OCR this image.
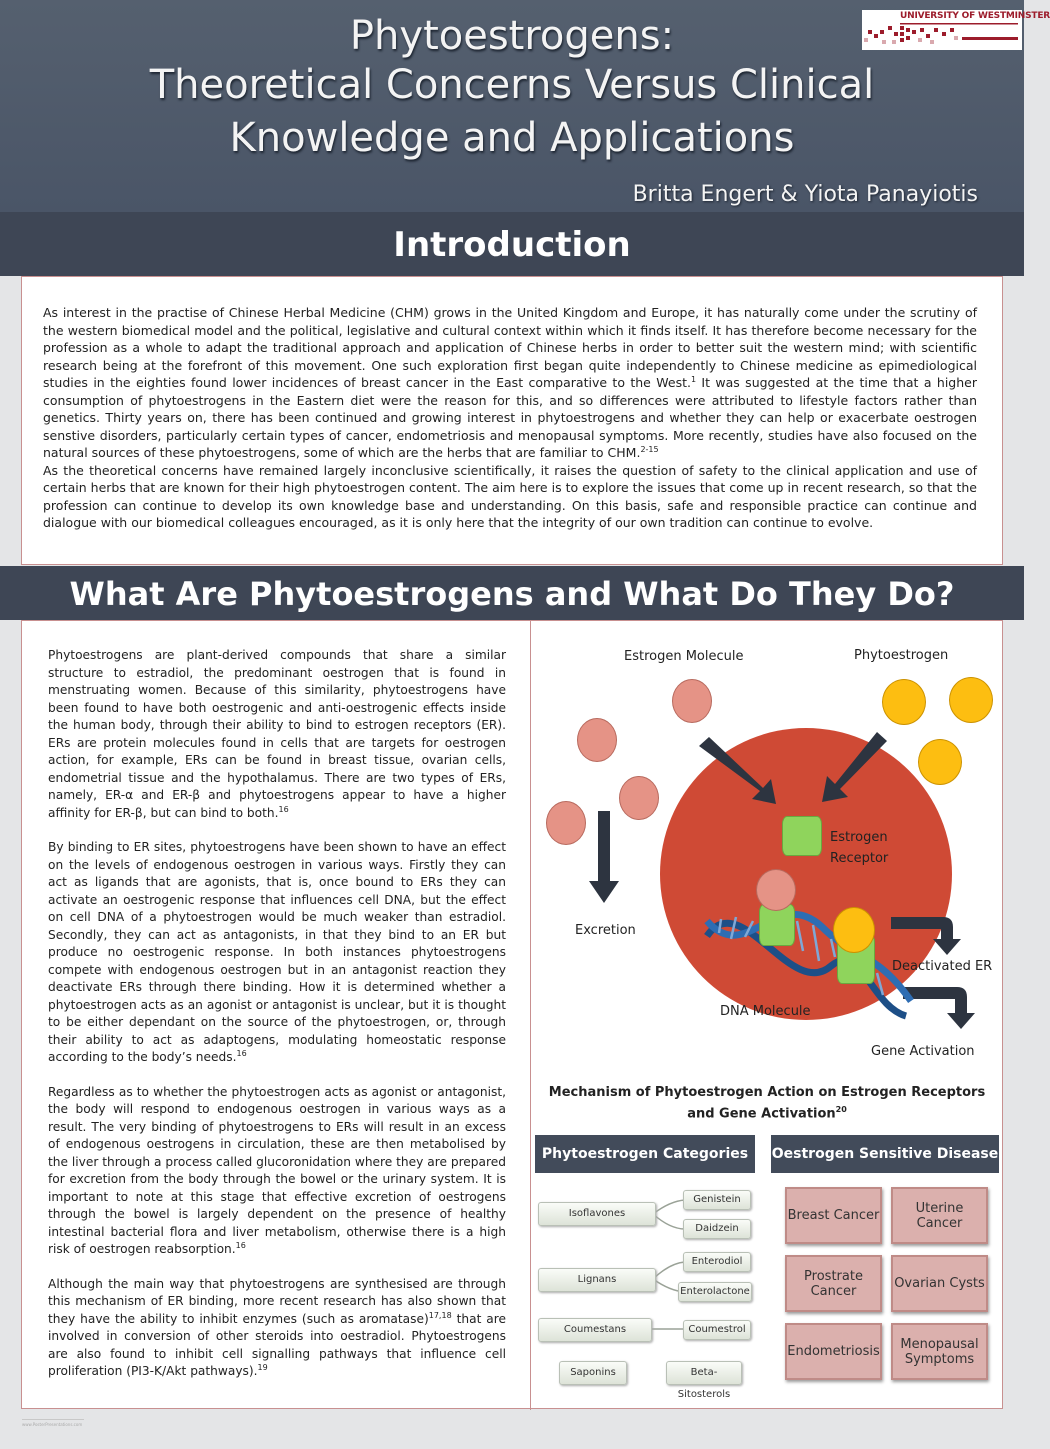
Phytoestrogens:
Theoretical Concerns Versus Clinical
Knowledge and Applications
Britta Engert & Yiota Panayiotis
UNIVERSITY OF WESTMINSTER
Introduction

As interest in the practise of Chinese Herbal Medicine (CHM) grows in the United Kingdom and Europe, it has naturally come under the scrutiny of the western biomedical model and the political, legislative and cultural context within which it finds itself. It has therefore become necessary for the profession as a whole to adapt the traditional approach and application of Chinese herbs in order to better suit the western mind; with scientific research being at the forefront of this movement. One such exploration first began quite independently to Chinese medicine as epimediological studies in the eighties found lower incidences of breast cancer in the East comparative to the West.$^1$ It was suggested at the time that a higher consumption of phytoestrogens in the Eastern diet were the reason for this, and so differences were attributed to lifestyle factors rather than genetics. Thirty years on, there has been continued and growing interest in phytoestrogens and whether they can help or exacerbate oestrogen senstive disorders, particularly certain types of cancer, endometriosis and menopausal symptoms. More recently, studies have also focused on the natural sources of these phytoestrogens, some of which are the herbs that are familiar to CHM.$^{2-15}$

As the theoretical concerns have remained largely inconclusive scientifically, it raises the question of safety to the clinical application and use of certain herbs that are known for their high phytoestrogen content. The aim here is to explore the issues that come up in recent research, so that the profession can continue to develop its own knowledge base and understanding. On this basis, safe and responsible practice can continue and dialogue with our biomedical colleagues encouraged, as it is only here that the integrity of our own tradition can continue to evolve.

What Are Phytoestrogens and What Do They Do?

Phytoestrogens are plant-derived compounds that share a similar structure to estradiol, the predominant oestrogen that is found in menstruating women. Because of this similarity, phytoestrogens have been found to have both oestrogenic and anti-oestrogenic effects inside the human body, through their ability to bind to estrogen receptors (ER). ERs are protein molecules found in cells that are targets for oestrogen action, for example, ERs can be found in breast tissue, ovarian cells, endometrial tissue and the hypothalamus. There are two types of ERs, namely, ER-α and ER-β and phytoestrogens appear to have a higher affinity for ER-β, but can bind to both.$^{16}$

By binding to ER sites, phytoestrogens have been shown to have an effect on the levels of endogenous oestrogen in various ways. Firstly they can act as ligands that are agonists, that is, once bound to ERs they can activate an oestrogenic response that influences cell DNA, but the effect on cell DNA of a phytoestrogen would be much weaker than estradiol. Secondly, they can act as antagonists, in that they bind to an ER but produce no oestrogenic response. In both instances phytoestrogens compete with endogenous oestrogen but in an antagonist reaction they deactivate ERs through there binding. How it is determined whether a phytoestrogen acts as an agonist or antagonist is unclear, but it is thought to be either dependant on the source of the phytoestrogen, or, through their ability to act as adaptogens, modulating homeostatic response according to the body’s needs.$^{16}$

Regardless as to whether the phytoestrogen acts as agonist or antagonist, the body will respond to endogenous oestrogen in various ways as a result. The very binding of phytoestrogens to ERs will result in an excess of endogenous oestrogens in circulation, these are then metabolised by the liver through a process called glucoronidation where they are prepared for excretion from the body through the bowel or the urinary system. It is important to note at this stage that effective excretion of oestrogens through the bowel is largely dependent on the presence of healthy intestinal bacterial flora and liver metabolism, otherwise there is a high risk of oestrogen reabsorption.$^{16}$

Although the main way that phytoestrogens are synthesised are through this mechanism of ER binding, more recent research has also shown that they have the ability to inhibit enzymes (such as aromatase)$^{17,18}$ that are involved in conversion of other steroids into oestradiol. Phytoestrogens are also found to inhibit cell signalling pathways that influence cell proliferation (PI3-K/Akt pathways).$^{19}$

Estrogen Molecule	Phytoestrogen
Estrogen
Receptor
Excretion
Deactivated ER
DNA Molecule
Gene Activation
Mechanism of Phytoestrogen Action on Estrogen Receptors and Gene Activation$^{20}$
Phytoestrogen Categories
Isoflavones
Genistein
Daidzein
Lignans
Enterodiol
Enterolactone
Coumestans	Coumestrol
Saponins	Beta-Sitosterols
Oestrogen Sensitive Disease
Breast Cancer	Uterine Cancer
Prostrate Cancer	Ovarian Cysts
Endometriosis	Menopausal Symptoms
www.PosterPresentations.com
